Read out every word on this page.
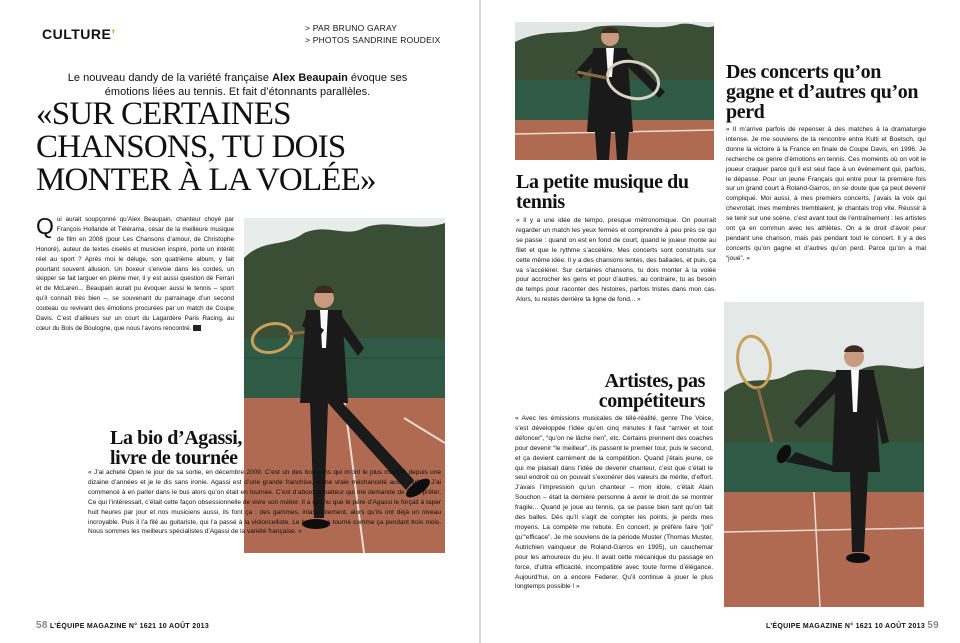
CULTURE’	> PAR BRUNO GARAY
> PHOTOS SANDRINE ROUDEIX
Le nouveau dandy de la variété française Alex Beaupain évoque ses émotions liées au tennis. Et fait d’étonnants parallèles.
«SUR CERTAINES CHANSONS, TU DOIS MONTER À LA VOLÉE»
Qui aurait soupçonné qu’Alex Beaupain, chanteur choyé par François Hollande et Télérama, césar de la meilleure musique de film en 2008 (pour Les Chansons d’amour, de Christophe Honoré), auteur de textes ciselés et musicien inspiré, porte un intérêt réel au sport ? Après moi le déluge, son quatrième album, y fait pourtant souvent allusion. Un boxeur s’envoie dans les cordes, un skipper se fait larguer en pleine mer, il y est aussi question de Ferrari et de McLaren... Beaupain aurait pu évoquer aussi le tennis – sport qu’il connaît très bien –, se souvenant du parrainage d’un second couteau ou revivant des émotions procurées par un match de Coupe Davis. C’est d’ailleurs sur un court du Lagardère Paris Racing, au cœur du Bois de Boulogne, que nous l’avons rencontré.
La bio d’Agassi, livre de tournée

« J’ai acheté Open le jour de sa sortie, en décembre 2009. C’est un des bouquins qui m’ont le plus marqué depuis une dizaine d’années et je le dis sans ironie. Agassi est d’une grande franchise, d’une vraie méchanceté aussi parfois. J’ai commencé à en parler dans le bus alors qu’on était en tournée. C’est d’abord le batteur qui me demande de le lui prêter. Ce qui l’intéressait, c’était cette façon obsessionnelle de vivre son métier. Il a retenu que le père d’Agassi le forçait à taper huit heures par jour et nos musiciens aussi, ils font ça : des gammes, inlassablement, alors qu’ils ont déjà un niveau incroyable. Puis il l’a filé au guitariste, qui l’a passé à la violoncelliste. Le bouquin a tourné comme ça pendant trois mois. Nous sommes les meilleurs spécialistes d’Agassi de la variété française. »

58 L’ÉQUIPE MAGAZINE N° 1621 10 AOÛT 2013
La petite musique du tennis

« Il y a une idée de tempo, presque métronomique. On pourrait regarder un match les yeux fermés et comprendre à peu près ce qui se passe : quand on est en fond de court, quand le joueur monte au filet et que le rythme s’accélère. Mes concerts sont construits sur cette même idée. Il y a des chansons lentes, des ballades, et puis, ça va s’accélérer. Sur certaines chansons, tu dois monter à la volée pour accrocher les gens et pour d’autres, au contraire, tu as besoin de temps pour raconter des histoires, parfois tristes dans mon cas. Alors, tu restes derrière ta ligne de fond... »

Des concerts qu’on gagne et d’autres qu’on perd

« Il m’arrive parfois de repenser à des matches à la dramaturgie intense. Je me souviens de la rencontre entre Kulti et Boetsch, qui donne la victoire à la France en finale de Coupe Davis, en 1996. Je recherche ce genre d’émotions en tennis. Ces moments où on voit le joueur craquer parce qu’il est seul face à un événement qui, parfois, le dépasse. Pour un jeune Français qui entre pour la première fois sur un grand court à Roland-Garros, on se doute que ça peut devenir compliqué. Moi aussi, à mes premiers concerts, j’avais la voix qui chevrotait, mes membres tremblaient, je chantais trop vite. Réussir à se tenir sur une scène, c’est avant tout de l’entraînement : les artistes ont ça en commun avec les athlètes. On a le droit d’avoir peur pendant une chanson, mais pas pendant tout le concert. Il y a des concerts qu’on gagne et d’autres qu’on perd. Parce qu’on a mal “joué”. »

Artistes, pas compétiteurs

« Avec les émissions musicales de télé-réalité, genre The Voice, s’est développée l’idée qu’en cinq minutes il faut “arriver et tout défoncer”, “qu’on ne lâche rien”, etc. Certains prennent des coaches pour devenir “le meilleur”, ils passent le premier tour, puis le second, et ça devient carrément de la compétition. Quand j’étais jeune, ce qui me plaisait dans l’idée de devenir chanteur, c’est que c’était le seul endroit où on pouvait s’exonérer des valeurs de mérite, d’effort. J’avais l’impression qu’un chanteur – mon idole, c’était Alain Souchon – était la dernière personne à avoir le droit de se montrer fragile... Quand je joue au tennis, ça se passe bien tant qu’on fait des balles. Dès qu’il s’agit de compter les points, je perds mes moyens. La compète me rebute. En concert, je préfère faire “joli” qu’“efficace”. Je me souviens de la période Muster (Thomas Muster, Autrichien vainqueur de Roland-Garros en 1995), un cauchemar pour les amoureux du jeu. Il avait cette mécanique du passage en force, d’ultra efficacité, incompatible avec toute forme d’élégance. Aujourd’hui, on a encore Federer. Qu’il continue à jouer le plus longtemps possible ! »

L’ÉQUIPE MAGAZINE N° 1621 10 AOÛT 2013 59
